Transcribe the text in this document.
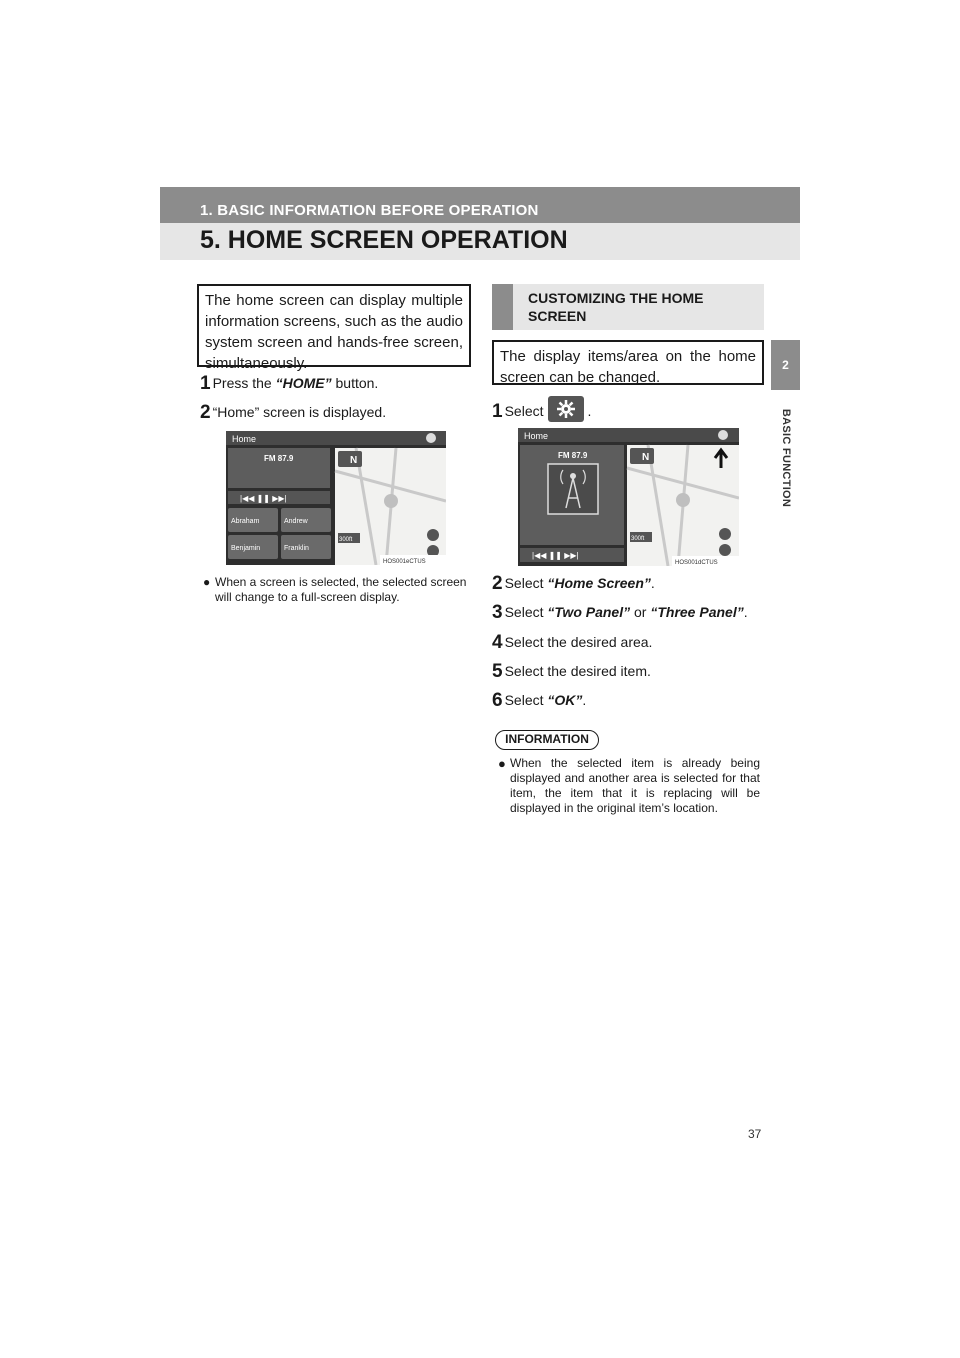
1. BASIC INFORMATION BEFORE OPERATION
5. HOME SCREEN OPERATION
2
BASIC FUNCTION
The home screen can display multiple information screens, such as the audio system screen and hands-free screen, simultaneously.
1 Press the “HOME” button.
2 “Home” screen is displayed.
Home
FM 87.9
|◀◀ ❚❚ ▶▶|
Abraham	Andrew
Benjamin	Franklin
N
300ft
HOS001eCTUS
● When a screen is selected, the selected screen will change to a full-screen display.
CUSTOMIZING THE HOME SCREEN
The display items/area on the home screen can be changed.
1 Select	.
Home
FM 87.9
|◀◀ ❚❚ ▶▶|
N
300ft
HOS001dCTUS
2 Select “Home Screen”.
3 Select “Two Panel” or “Three Panel”.
4 Select the desired area.
5 Select the desired item.
6 Select “OK”.
INFORMATION
● When the selected item is already being displayed and another area is selected for that item, the item that it is replacing will be displayed in the original item’s location.
37
